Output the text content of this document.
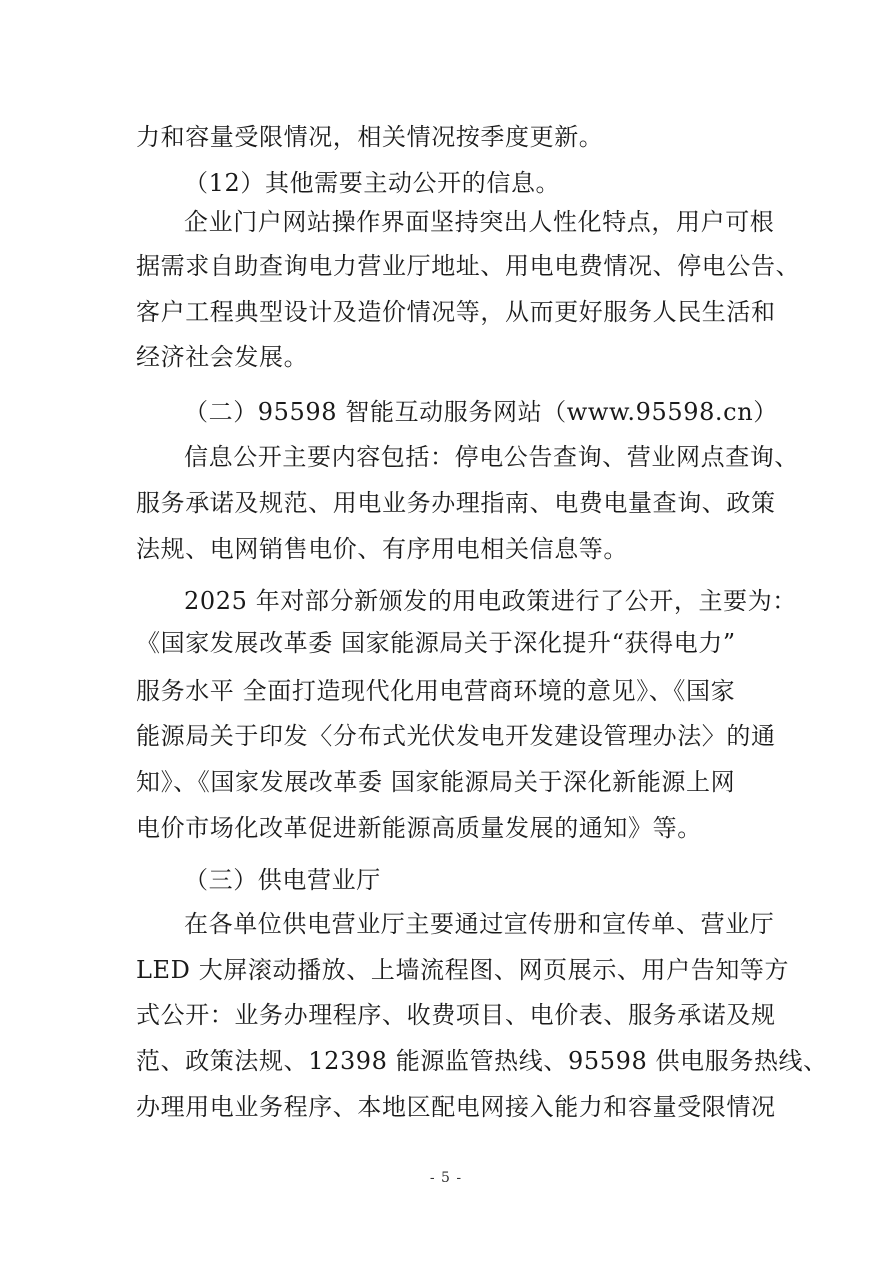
力和容量受限情况，相关情况按季度更新。
（12）其他需要主动公开的信息。
企业门户网站操作界面坚持突出人性化特点，用户可根
据需求自助查询电力营业厅地址、用电电费情况、停电公告、
客户工程典型设计及造价情况等，从而更好服务人民生活和
经济社会发展。
（二）95598 智能互动服务网站（www.95598.cn）
信息公开主要内容包括：停电公告查询、营业网点查询、
服务承诺及规范、用电业务办理指南、电费电量查询、政策
法规、电网销售电价、有序用电相关信息等。
2025 年对部分新颁发的用电政策进行了公开，主要为：
《国家发展改革委 国家能源局关于深化提升“获得电力”
服务水平 全面打造现代化用电营商环境的意见》、《国家
能源局关于印发〈分布式光伏发电开发建设管理办法〉的通
知》、《国家发展改革委 国家能源局关于深化新能源上网
电价市场化改革促进新能源高质量发展的通知》等。
（三）供电营业厅
在各单位供电营业厅主要通过宣传册和宣传单、营业厅
LED 大屏滚动播放、上墙流程图、网页展示、用户告知等方
式公开：业务办理程序、收费项目、电价表、服务承诺及规
范、政策法规、12398 能源监管热线、95598 供电服务热线、
办理用电业务程序、本地区配电网接入能力和容量受限情况
- 5 -
